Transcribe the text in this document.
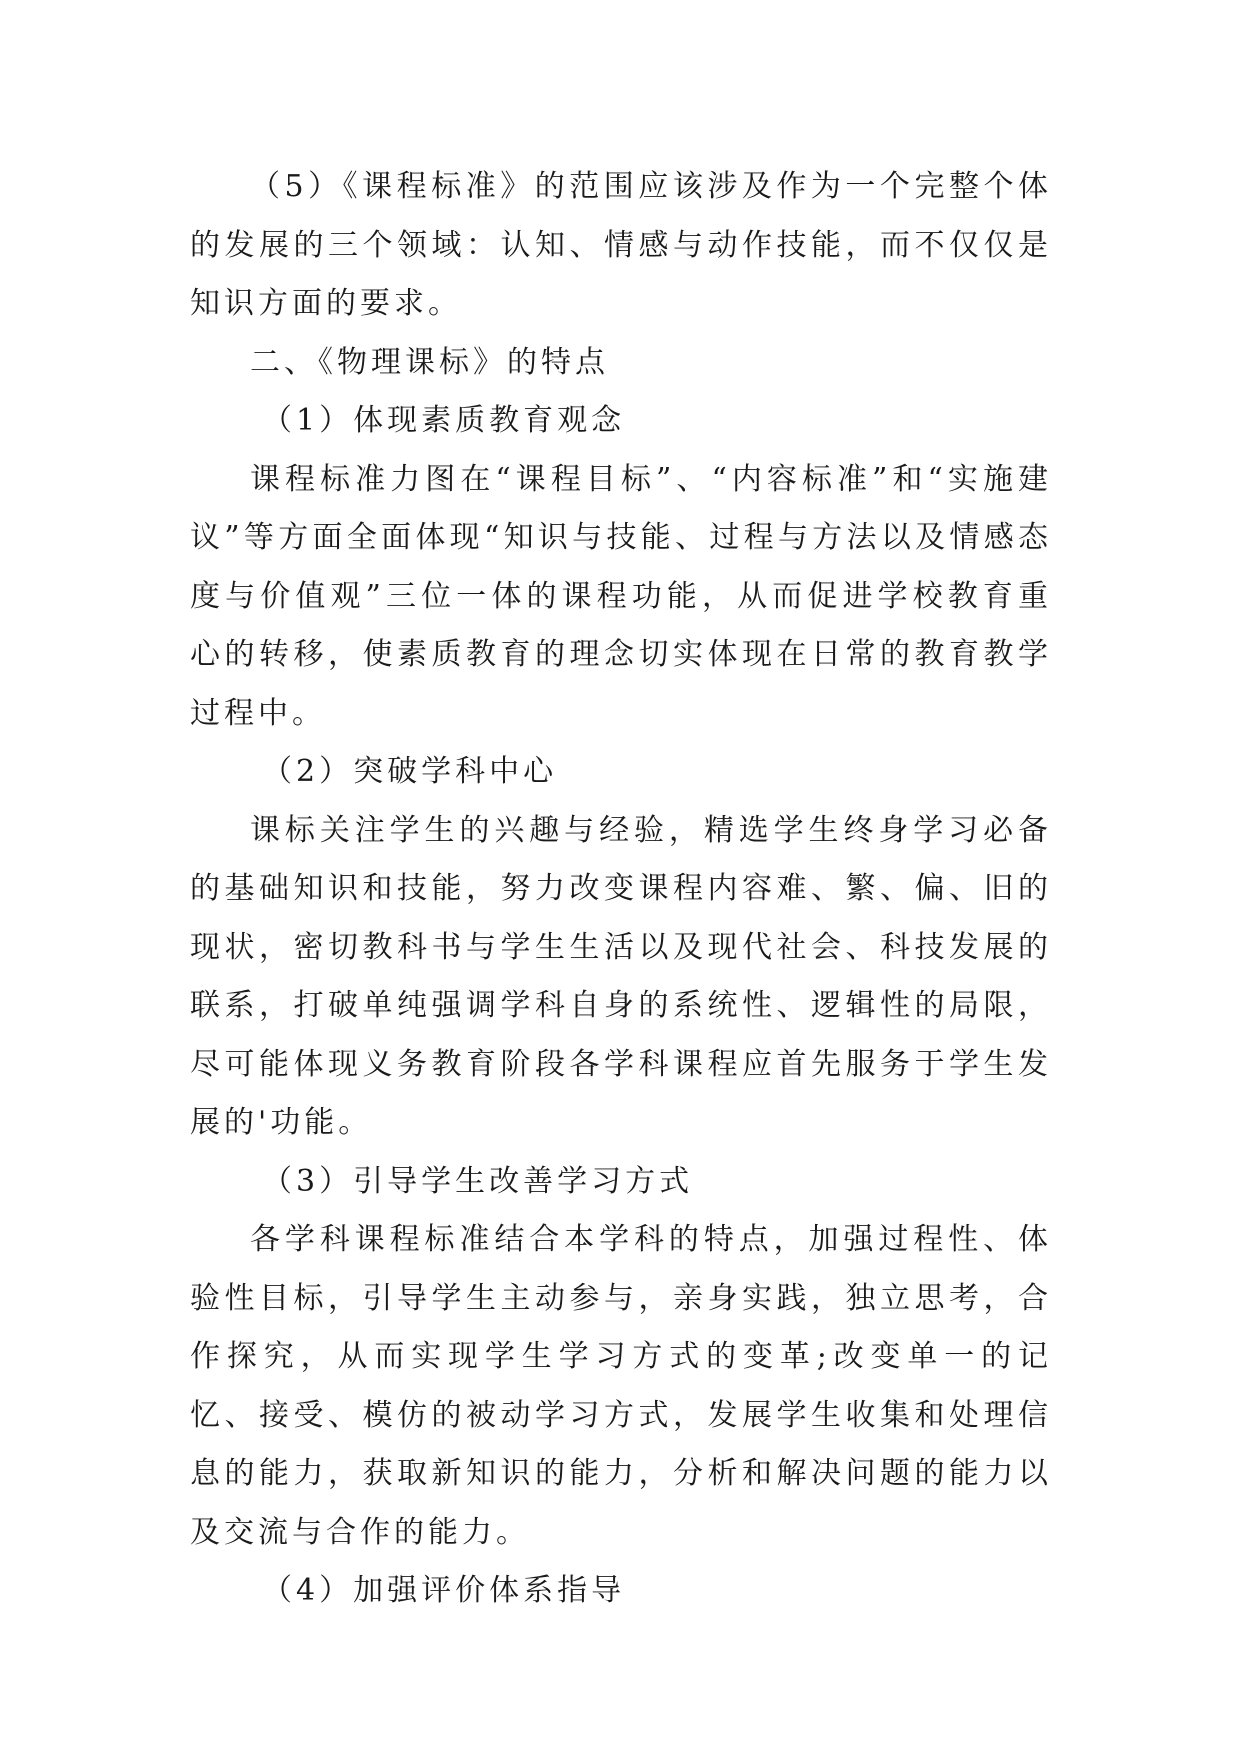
（5）《课程标准》的范围应该涉及作为一个完整个体的发展的三个领域：认知、情感与动作技能，而不仅仅是知识方面的要求。

二、《物理课标》的特点

（1）体现素质教育观念

课程标准力图在“课程目标”、“内容标准”和“实施建议”等方面全面体现“知识与技能、过程与方法以及情感态度与价值观”三位一体的课程功能，从而促进学校教育重心的转移，使素质教育的理念切实体现在日常的教育教学过程中。

（2）突破学科中心

课标关注学生的兴趣与经验，精选学生终身学习必备的基础知识和技能，努力改变课程内容难、繁、偏、旧的现状，密切教科书与学生生活以及现代社会、科技发展的联系，打破单纯强调学科自身的系统性、逻辑性的局限，尽可能体现义务教育阶段各学科课程应首先服务于学生发展的'功能。

（3）引导学生改善学习方式

各学科课程标准结合本学科的特点，加强过程性、体验性目标，引导学生主动参与，亲身实践，独立思考，合作探究，从而实现学生学习方式的变革;改变单一的记忆、接受、模仿的被动学习方式，发展学生收集和处理信息的能力，获取新知识的能力，分析和解决问题的能力以及交流与合作的能力。

（4）加强评价体系指导
